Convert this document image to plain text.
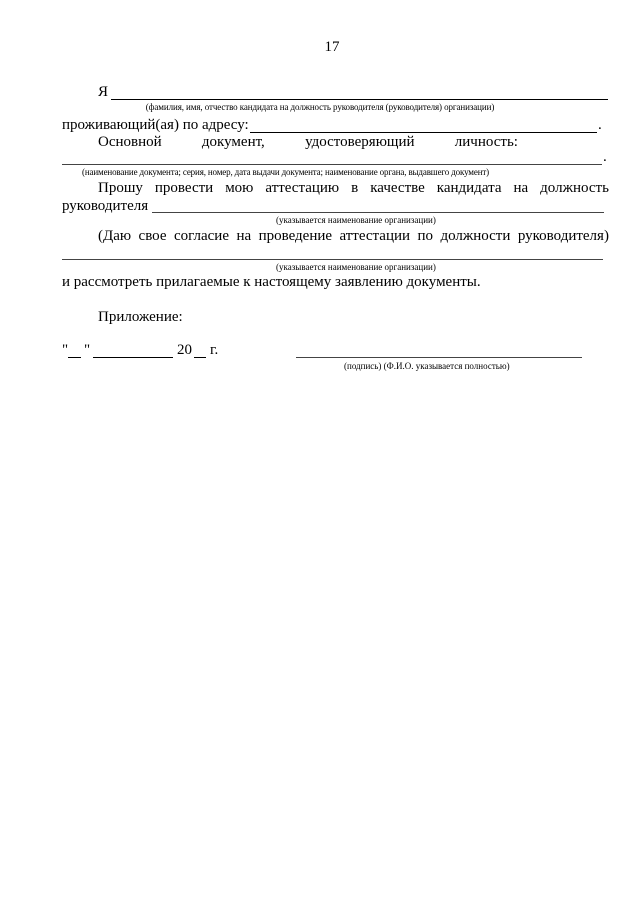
17
Я
(фамилия, имя, отчество кандидата на должность руководителя (руководителя) организации)
проживающий(ая) по адресу:	.
Основной	документ,	удостоверяющий	личность:
.
(наименование документа; серия, номер, дата выдачи документа; наименование органа, выдавшего документ)
Прошу провести мою аттестацию в качестве кандидата на должность
руководителя
(указывается наименование организации)
(Даю свое согласие на проведение аттестации по должности руководителя)
(указывается наименование организации)
и рассмотреть прилагаемые к настоящему заявлению документы.
Приложение:
" "	20 г.
(подпись) (Ф.И.О. указывается полностью)
